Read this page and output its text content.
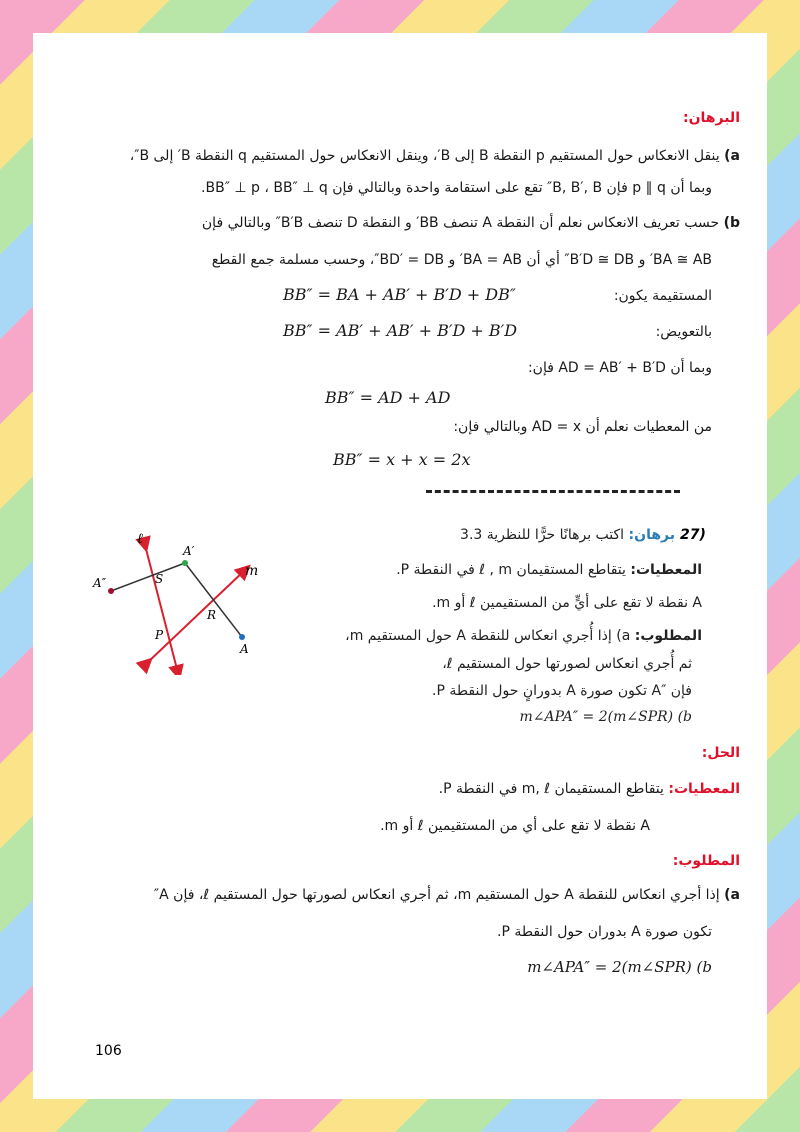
البرهان:
a) ينقل الانعكاس حول المستقيم p النقطة B إلى B′، وينقل الانعكاس حول المستقيم q النقطة B′ إلى B″،
وبما أن p ∥ q فإن B, B′, B″ تقع على استقامة واحدة وبالتالي فإن BB″ ⊥ p ، BB″ ⊥ q.
b) حسب تعريف الانعكاس نعلم أن النقطة A تنصف BB′ و النقطة D تنصف B′B″ وبالتالي فإن
BA ≅ AB′ و B′D ≅ DB″ أي أن BA = AB′ و BD′ = DB″، وحسب مسلمة جمع القطع
المستقيمة يكون:
BB″ = BA + AB′ + B′D + DB″
بالتعويض:
BB″ = AB′ + AB′ + B′D + B′D
وبما أن AD = AB′ + B′D فإن:
BB″ = AD + AD
من المعطيات نعلم أن AD = x وبالتالي فإن:
BB″ = x + x = 2x
ℓ
A′
m
A″	S
R
P
A
27)
برهان: اكتب برهانًا حرًّا للنظرية 3.3
المعطيات: يتقاطع المستقيمان ℓ , m في النقطة P.
A نقطة لا تقع على أيٍّ من المستقيمين ℓ أو m.
المطلوب: a) إذا أُجري انعكاس للنقطة A حول المستقيم m،
ثم أُجري انعكاس لصورتها حول المستقيم ℓ،
فإن ″A تكون صورة A بدورانٍ حول النقطة P.
m∠APA″ = 2(m∠SPR) (b
الحل:
المعطيات: يتقاطع المستقيمان m, ℓ في النقطة P.
A نقطة لا تقع على أي من المستقيمين ℓ أو m.
المطلوب:
a) إذا أجري انعكاس للنقطة A حول المستقيم m، ثم أجري انعكاس لصورتها حول المستقيم ℓ، فإن A″
تكون صورة A بدوران حول النقطة P.
m∠APA″ = 2(m∠SPR) (b
106
